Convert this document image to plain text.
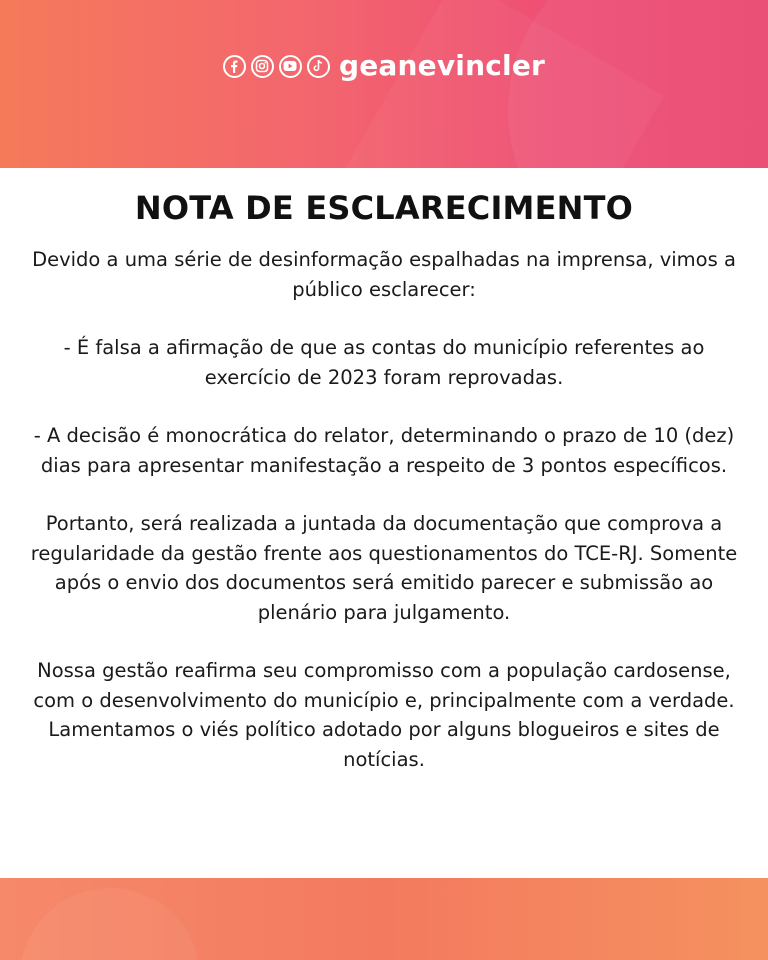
geanevincler
NOTA DE ESCLARECIMENTO

Devido a uma série de desinformação espalhadas na imprensa, vimos a público esclarecer:

- É falsa a afirmação de que as contas do município referentes ao exercício de 2023 foram reprovadas.

- A decisão é monocrática do relator, determinando o prazo de 10 (dez) dias para apresentar manifestação a respeito de 3 pontos específicos.

Portanto, será realizada a juntada da documentação que comprova a regularidade da gestão frente aos questionamentos do TCE-RJ. Somente após o envio dos documentos será emitido parecer e submissão ao plenário para julgamento.

Nossa gestão reafirma seu compromisso com a população cardosense, com o desenvolvimento do município e, principalmente com a verdade. Lamentamos o viés político adotado por alguns blogueiros e sites de notícias.
